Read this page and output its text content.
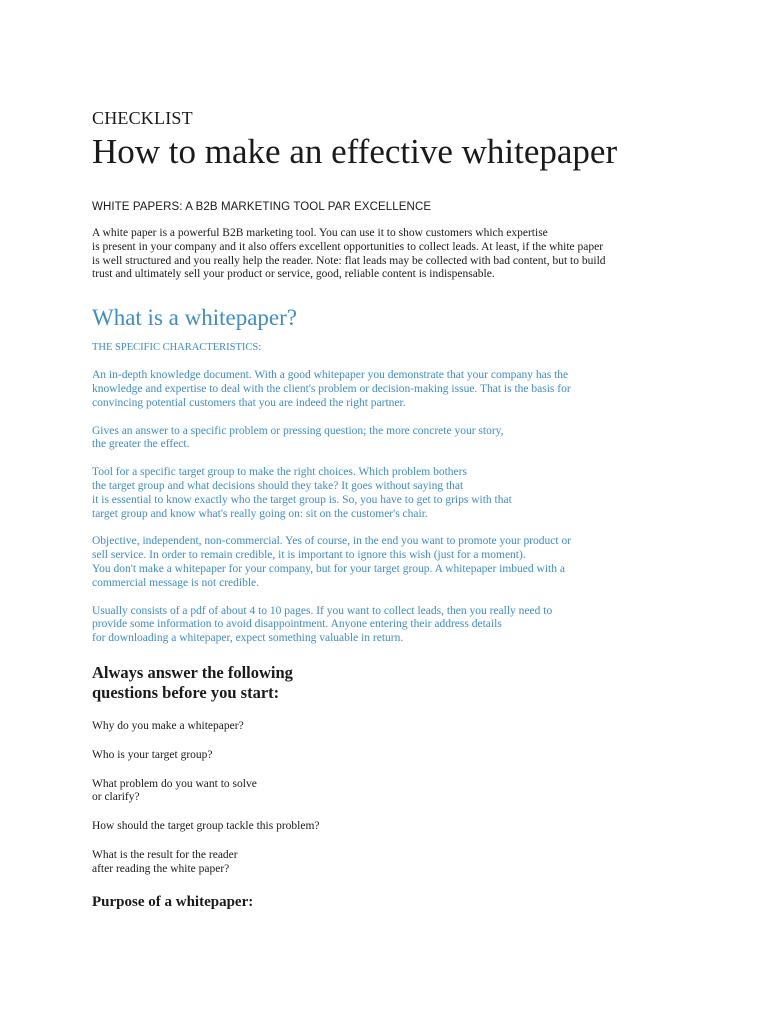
CHECKLIST

How to make an effective whitepaper

WHITE PAPERS: A B2B MARKETING TOOL PAR EXCELLENCE

A white paper is a powerful B2B marketing tool. You can use it to show customers which expertise
is present in your company and it also offers excellent opportunities to collect leads. At least, if the white paper
is well structured and you really help the reader. Note: flat leads may be collected with bad content, but to build
trust and ultimately sell your product or service, good, reliable content is indispensable.

What is a whitepaper?

THE SPECIFIC CHARACTERISTICS:

An in-depth knowledge document. With a good whitepaper you demonstrate that your company has the
knowledge and expertise to deal with the client's problem or decision-making issue. That is the basis for
convincing potential customers that you are indeed the right partner.

Gives an answer to a specific problem or pressing question; the more concrete your story,
the greater the effect.

Tool for a specific target group to make the right choices. Which problem bothers
the target group and what decisions should they take? It goes without saying that
it is essential to know exactly who the target group is. So, you have to get to grips with that
target group and know what's really going on: sit on the customer's chair.

Objective, independent, non-commercial. Yes of course, in the end you want to promote your product or
sell service. In order to remain credible, it is important to ignore this wish (just for a moment).
You don't make a whitepaper for your company, but for your target group. A whitepaper imbued with a
commercial message is not credible.

Usually consists of a pdf of about 4 to 10 pages. If you want to collect leads, then you really need to
provide some information to avoid disappointment. Anyone entering their address details
for downloading a whitepaper, expect something valuable in return.

Always answer the following
questions before you start:

Why do you make a whitepaper?

Who is your target group?

What problem do you want to solve
or clarify?

How should the target group tackle this problem?

What is the result for the reader
after reading the white paper?

Purpose of a whitepaper:
